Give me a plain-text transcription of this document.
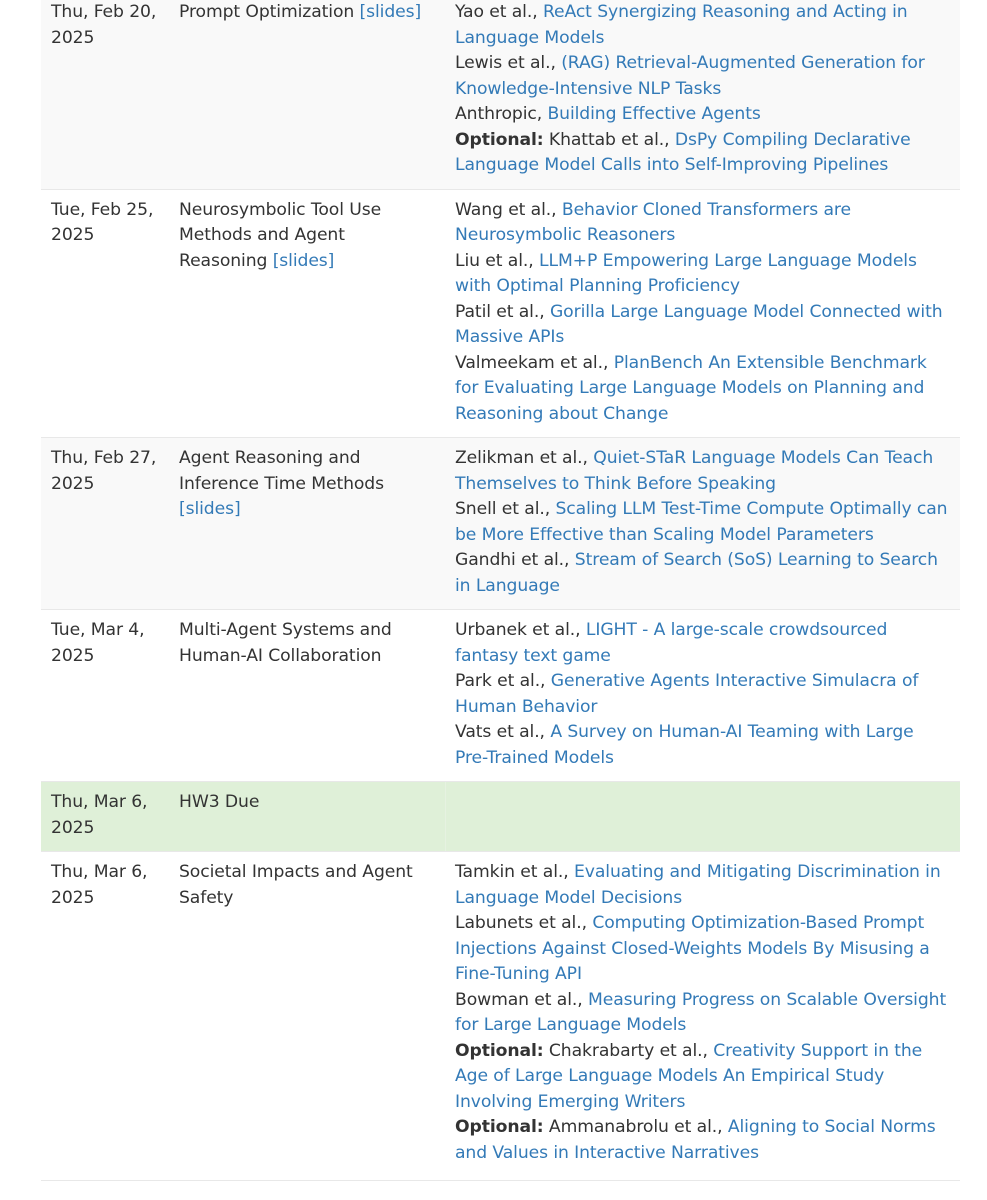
Thu, Feb 20, 2025	Prompt Optimization [slides]	Yao et al., ReAct Synergizing Reasoning and Acting in Language Models
Lewis et al., (RAG) Retrieval-Augmented Generation for Knowledge-Intensive NLP Tasks
Anthropic, Building Effective Agents
Optional: Khattab et al., DsPy Compiling Declarative Language Model Calls into Self-Improving Pipelines

Tue, Feb 25, 2025	Neurosymbolic Tool Use Methods and Agent Reasoning [slides]	Wang et al., Behavior Cloned Transformers are Neurosymbolic Reasoners
Liu et al., LLM+P Empowering Large Language Models with Optimal Planning Proficiency
Patil et al., Gorilla Large Language Model Connected with Massive APIs
Valmeekam et al., PlanBench An Extensible Benchmark for Evaluating Large Language Models on Planning and Reasoning about Change

Thu, Feb 27, 2025	Agent Reasoning and Inference Time Methods [slides]	Zelikman et al., Quiet-STaR Language Models Can Teach Themselves to Think Before Speaking
Snell et al., Scaling LLM Test-Time Compute Optimally can be More Effective than Scaling Model Parameters
Gandhi et al., Stream of Search (SoS) Learning to Search in Language

Tue, Mar 4, 2025	Multi-Agent Systems and Human-AI Collaboration	Urbanek et al., LIGHT - A large-scale crowdsourced fantasy text game
Park et al., Generative Agents Interactive Simulacra of Human Behavior
Vats et al., A Survey on Human-AI Teaming with Large Pre-Trained Models

Thu, Mar 6, 2025	HW3 Due	
Thu, Mar 6, 2025	Societal Impacts and Agent Safety	Tamkin et al., Evaluating and Mitigating Discrimination in Language Model Decisions
Labunets et al., Computing Optimization-Based Prompt Injections Against Closed-Weights Models By Misusing a Fine-Tuning API
Bowman et al., Measuring Progress on Scalable Oversight for Large Language Models
Optional: Chakrabarty et al., Creativity Support in the Age of Large Language Models An Empirical Study Involving Emerging Writers
Optional: Ammanabrolu et al., Aligning to Social Norms and Values in Interactive Narratives
